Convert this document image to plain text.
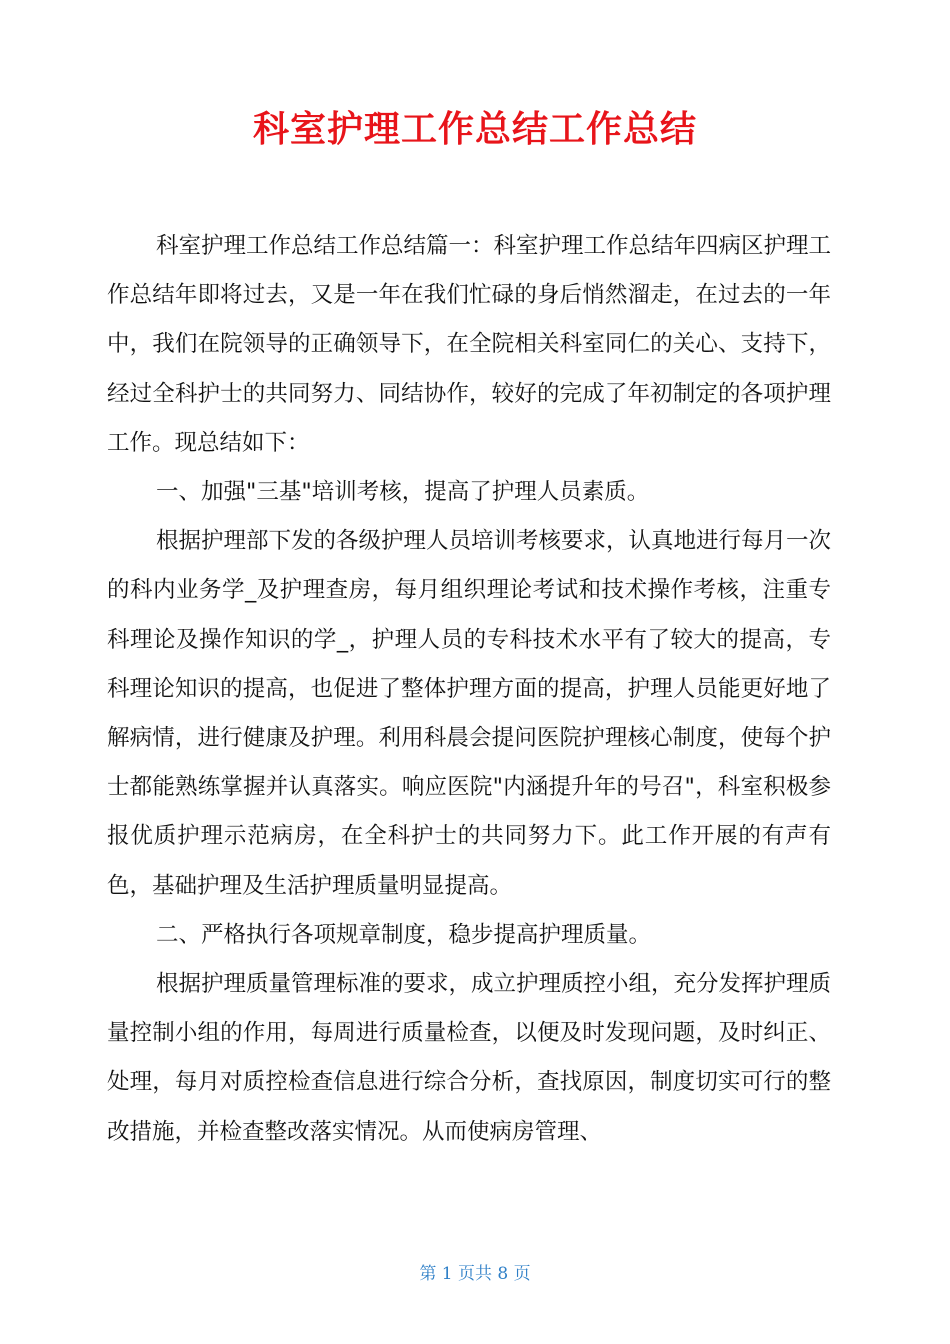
科室护理工作总结工作总结

科室护理工作总结工作总结篇一：科室护理工作总结年四病区护理工作总结年即将过去，又是一年在我们忙碌的身后悄然溜走，在过去的一年中，我们在院领导的正确领导下，在全院相关科室同仁的关心、支持下，经过全科护士的共同努力、同结协作，较好的完成了年初制定的各项护理工作。现总结如下：

一、加强"三基"培训考核，提高了护理人员素质。

根据护理部下发的各级护理人员培训考核要求，认真地进行每月一次的科内业务学_及护理查房，每月组织理论考试和技术操作考核，注重专科理论及操作知识的学_，护理人员的专科技术水平有了较大的提高，专科理论知识的提高，也促进了整体护理方面的提高，护理人员能更好地了解病情，进行健康及护理。利用科晨会提问医院护理核心制度，使每个护士都能熟练掌握并认真落实。响应医院"内涵提升年的号召"，科室积极参报优质护理示范病房，在全科护士的共同努力下。此工作开展的有声有色，基础护理及生活护理质量明显提高。

二、严格执行各项规章制度，稳步提高护理质量。

根据护理质量管理标准的要求，成立护理质控小组，充分发挥护理质量控制小组的作用，每周进行质量检查，以便及时发现问题，及时纠正、处理，每月对质控检查信息进行综合分析，查找原因，制度切实可行的整改措施，并检查整改落实情况。从而使病房管理、

第 1 页共 8 页
